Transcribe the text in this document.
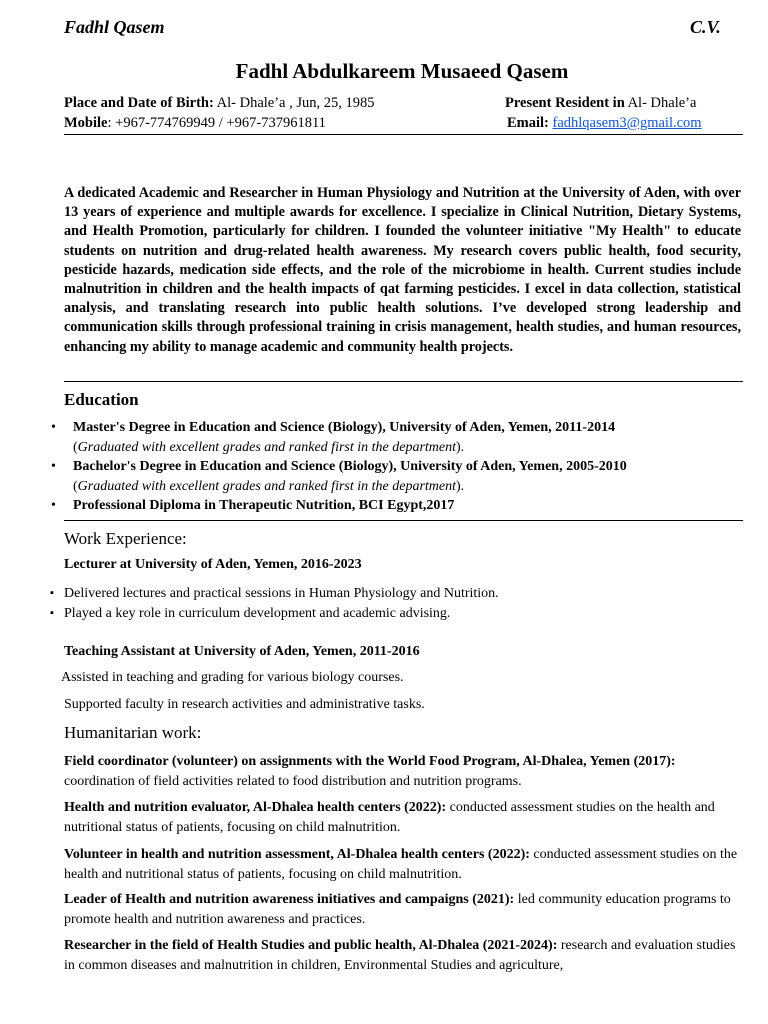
Fadhl Qasem	C.V.
Fadhl Abdulkareem Musaeed Qasem
Place and Date of Birth: Al- Dhale’a , Jun, 25, 1985	Present Resident in Al- Dhale’a
Mobile: +967-774769949 / +967-737961811	Email: fadhlqasem3@gmail.com
A dedicated Academic and Researcher in Human Physiology and Nutrition at the University of Aden, with over 13 years of experience and multiple awards for excellence. I specialize in Clinical Nutrition, Dietary Systems, and Health Promotion, particularly for children. I founded the volunteer initiative "My Health" to educate students on nutrition and drug-related health awareness. My research covers public health, food security, pesticide hazards, medication side effects, and the role of the microbiome in health. Current studies include malnutrition in children and the health impacts of qat farming pesticides. I excel in data collection, statistical analysis, and translating research into public health solutions. I’ve developed strong leadership and communication skills through professional training in crisis management, health studies, and human resources, enhancing my ability to manage academic and community health projects.
Education
• Master's Degree in Education and Science (Biology), University of Aden, Yemen, 2011-2014
(Graduated with excellent grades and ranked first in the department).
• Bachelor's Degree in Education and Science (Biology), University of Aden, Yemen, 2005-2010
(Graduated with excellent grades and ranked first in the department).
• Professional Diploma in Therapeutic Nutrition, BCI Egypt,2017
Work Experience:
Lecturer at University of Aden, Yemen, 2016-2023
▪ Delivered lectures and practical sessions in Human Physiology and Nutrition.
▪ Played a key role in curriculum development and academic advising.
Teaching Assistant at University of Aden, Yemen, 2011-2016
Assisted in teaching and grading for various biology courses.
Supported faculty in research activities and administrative tasks.
Humanitarian work:
Field coordinator (volunteer) on assignments with the World Food Program, Al-Dhalea, Yemen (2017): coordination of field activities related to food distribution and nutrition programs.
Health and nutrition evaluator, Al-Dhalea health centers (2022): conducted assessment studies on the health and nutritional status of patients, focusing on child malnutrition.
Volunteer in health and nutrition assessment, Al-Dhalea health centers (2022): conducted assessment studies on the health and nutritional status of patients, focusing on child malnutrition.
Leader of Health and nutrition awareness initiatives and campaigns (2021): led community education programs to promote health and nutrition awareness and practices.
Researcher in the field of Health Studies and public health, Al-Dhalea (2021-2024): research and evaluation studies in common diseases and malnutrition in children, Environmental Studies and agriculture,
